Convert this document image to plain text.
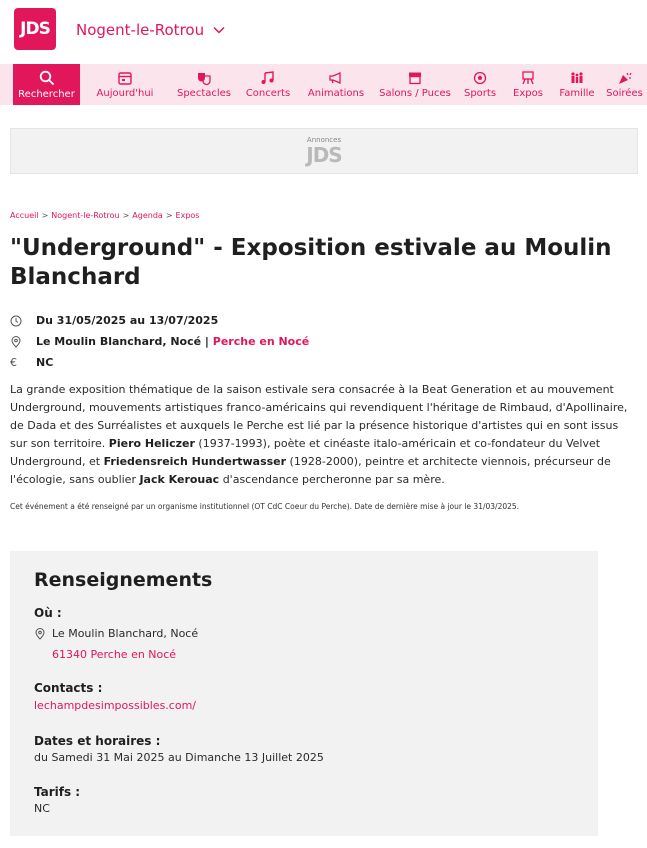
JDS	Nogent-le-Rotrou
Rechercher Aujourd'hui Spectacles Concerts Animations Salons / Puces Sports Expos Famille Soirées
Annonces
JDS
Accueil > Nogent-le-Rotrou > Agenda > Expos
"Underground" - Exposition estivale au Moulin Blanchard
Du 31/05/2025 au 13/07/2025
Le Moulin Blanchard, Nocé | Perche en Nocé
€	NC

La grande exposition thématique de la saison estivale sera consacrée à la Beat Generation et au mouvement Underground, mouvements artistiques franco-américains qui revendiquent l'héritage de Rimbaud, d'Apollinaire, de Dada et des Surréalistes et auxquels le Perche est lié par la présence historique d'artistes qui en sont issus sur son territoire. Piero Heliczer (1937-1993), poète et cinéaste italo-américain et co-fondateur du Velvet Underground, et Friedensreich Hundertwasser (1928-2000), peintre et architecte viennois, précurseur de l'écologie, sans oublier Jack Kerouac d'ascendance percheronne par sa mère.

Cet événement a été renseigné par un organisme institutionnel (OT CdC Coeur du Perche). Date de dernière mise à jour le 31/03/2025.
Renseignements
Où :
Le Moulin Blanchard, Nocé
61340 Perche en Nocé
Contacts :
lechampdesimpossibles.com/
Dates et horaires :
du Samedi 31 Mai 2025 au Dimanche 13 Juillet 2025
Tarifs :
NC
